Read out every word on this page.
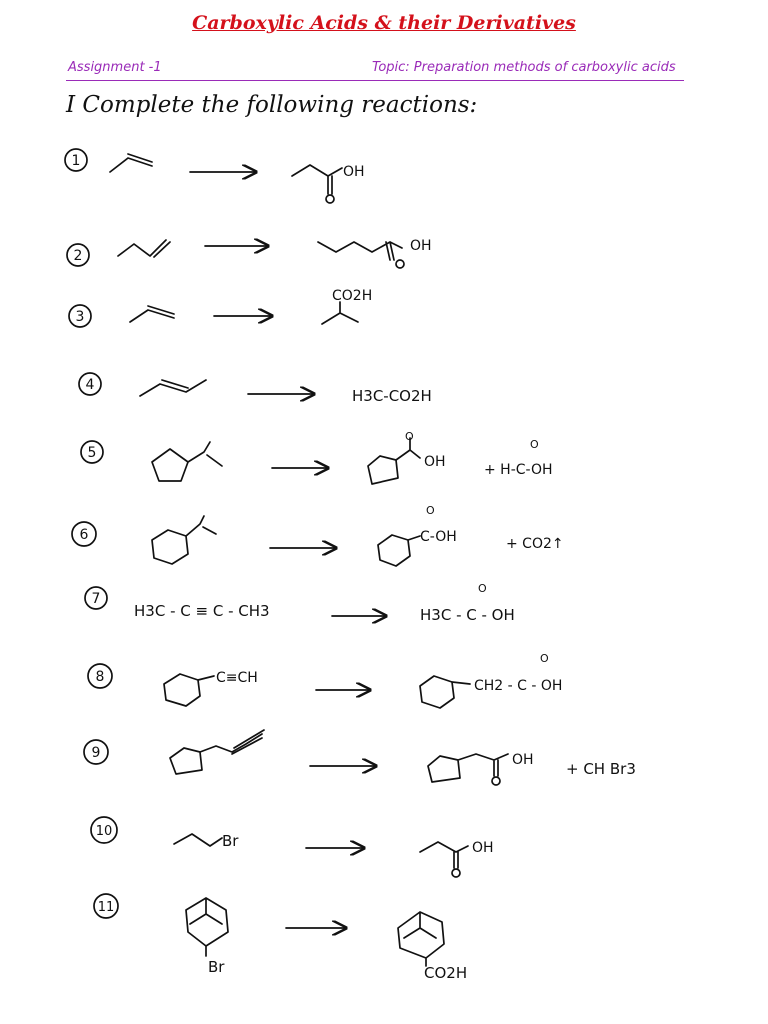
Carboxylic Acids & their Derivatives
Assignment -1	Topic: Preparation methods of carboxylic acids
I Complete the following reactions:
1
OH
2
OH
3
CO2H
4
H3C-CO2H
5
O
OH
O
+ H-C-OH
6
O
C-OH	+ CO2↑
7
H3C - C ≡ C - CH3
O
H3C - C - OH
8	C≡CH
O
CH2 - C - OH
9	OH + CH Br3
10
Br	OH
11
Br	CO2H
